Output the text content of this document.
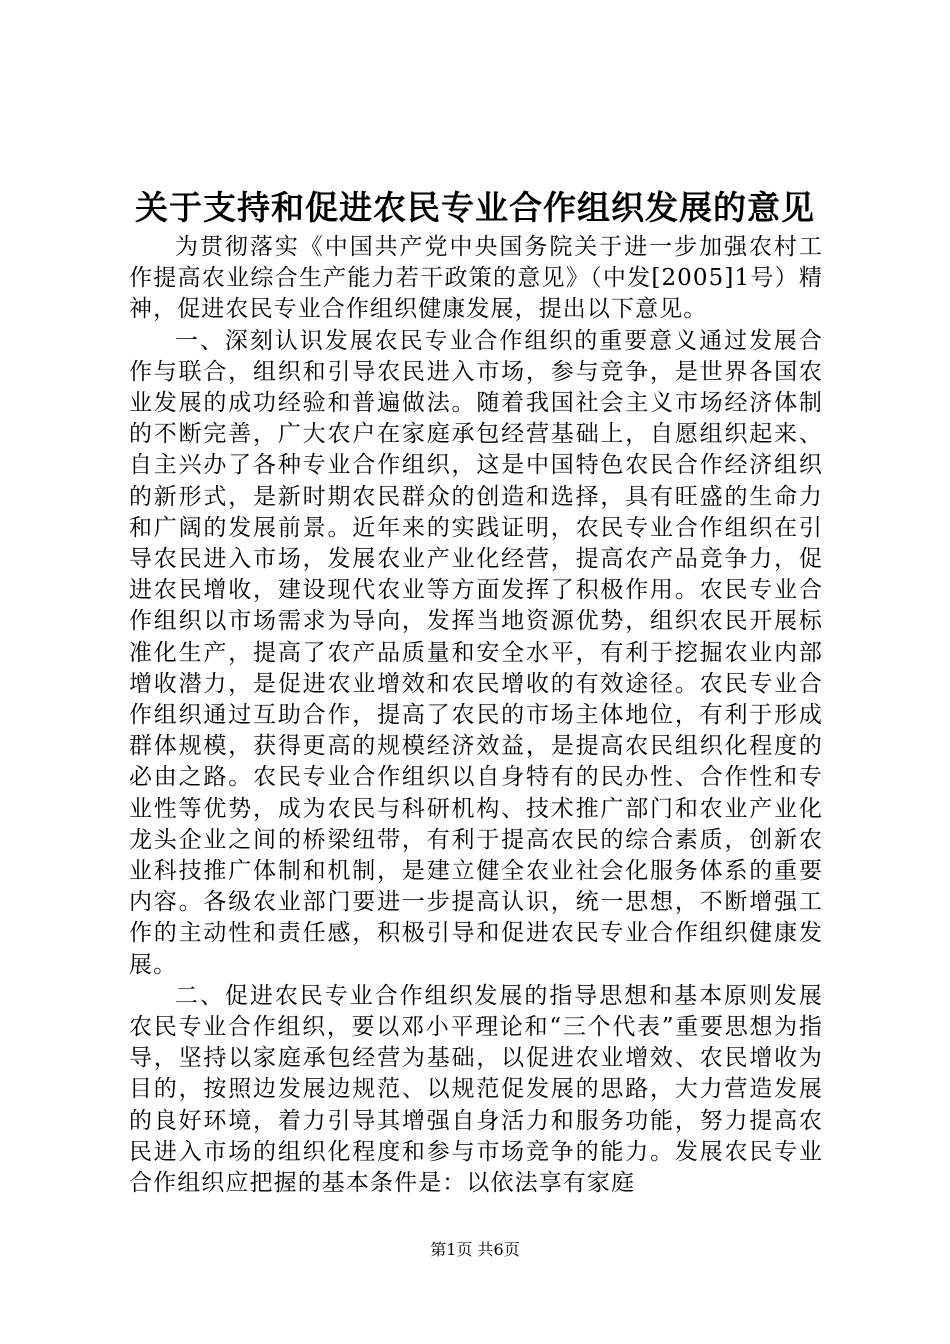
关于支持和促进农民专业合作组织发展的意见

为贯彻落实《中国共产党中央国务院关于进一步加强农村工作提高农业综合生产能力若干政策的意见》（中发[2005]1号）精神，促进农民专业合作组织健康发展，提出以下意见。

一、深刻认识发展农民专业合作组织的重要意义通过发展合作与联合，组织和引导农民进入市场，参与竞争，是世界各国农业发展的成功经验和普遍做法。随着我国社会主义市场经济体制的不断完善，广大农户在家庭承包经营基础上，自愿组织起来、自主兴办了各种专业合作组织，这是中国特色农民合作经济组织的新形式，是新时期农民群众的创造和选择，具有旺盛的生命力和广阔的发展前景。近年来的实践证明，农民专业合作组织在引导农民进入市场，发展农业产业化经营，提高农产品竞争力，促进农民增收，建设现代农业等方面发挥了积极作用。农民专业合作组织以市场需求为导向，发挥当地资源优势，组织农民开展标准化生产，提高了农产品质量和安全水平，有利于挖掘农业内部增收潜力，是促进农业增效和农民增收的有效途径。农民专业合作组织通过互助合作，提高了农民的市场主体地位，有利于形成群体规模，获得更高的规模经济效益，是提高农民组织化程度的必由之路。农民专业合作组织以自身特有的民办性、合作性和专业性等优势，成为农民与科研机构、技术推广部门和农业产业化龙头企业之间的桥梁纽带，有利于提高农民的综合素质，创新农业科技推广体制和机制，是建立健全农业社会化服务体系的重要内容。各级农业部门要进一步提高认识，统一思想，不断增强工作的主动性和责任感，积极引导和促进农民专业合作组织健康发展。

二、促进农民专业合作组织发展的指导思想和基本原则发展农民专业合作组织，要以邓小平理论和“三个代表”重要思想为指导，坚持以家庭承包经营为基础，以促进农业增效、农民增收为目的，按照边发展边规范、以规范促发展的思路，大力营造发展的良好环境，着力引导其增强自身活力和服务功能，努力提高农民进入市场的组织化程度和参与市场竞争的能力。发展农民专业合作组织应把握的基本条件是：以依法享有家庭

第1页 共6页
